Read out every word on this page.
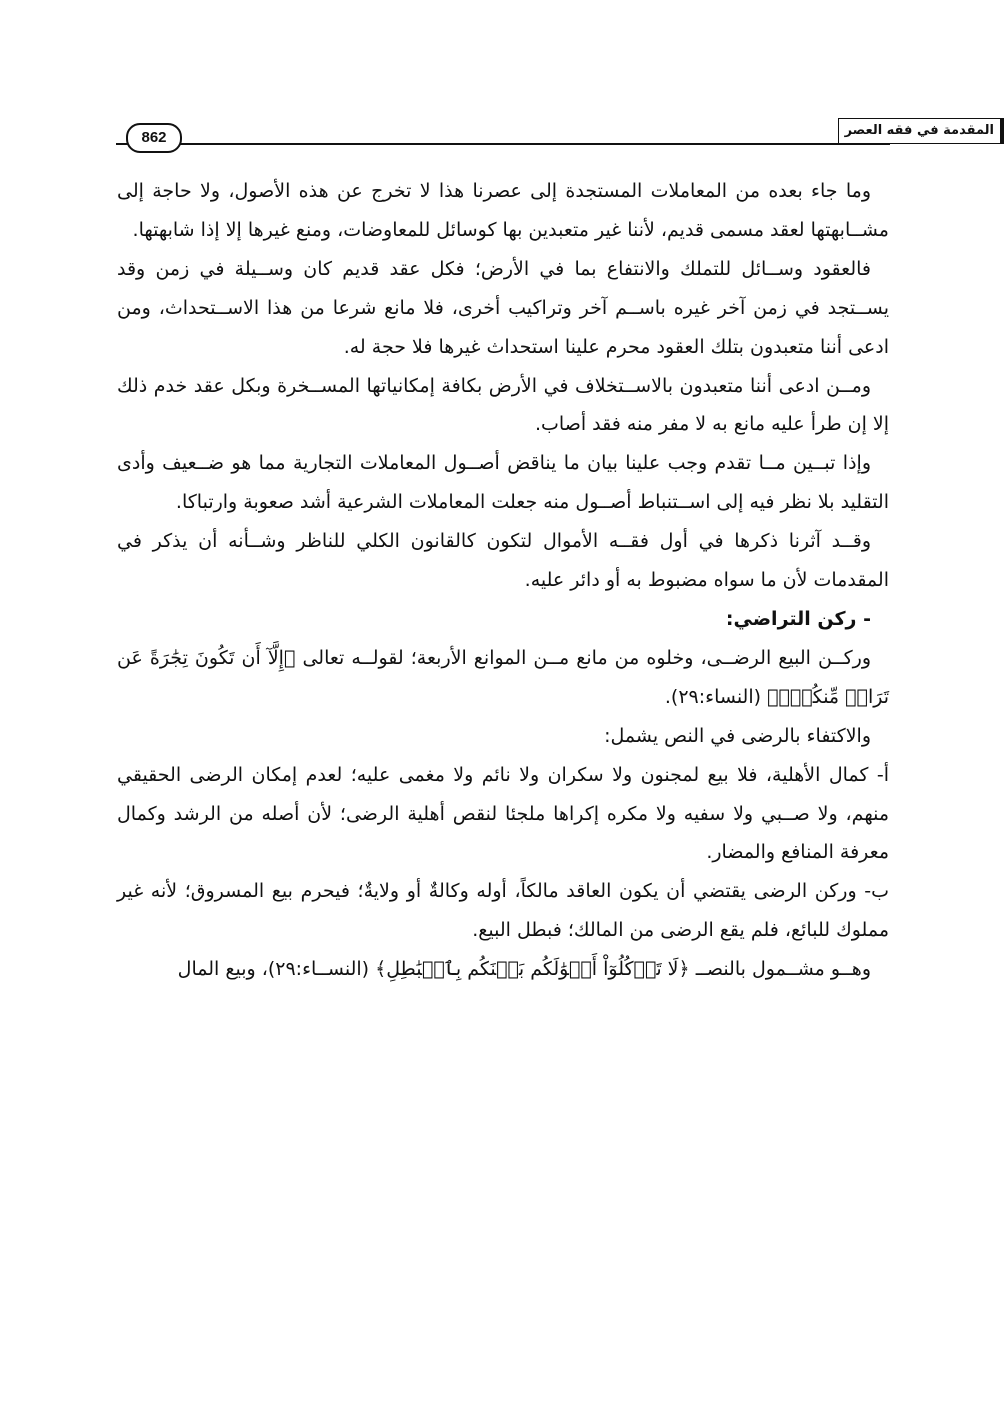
المقدمة في فقه العصر
862

وما جاء بعده من المعاملات المستجدة إلى عصرنا هذا لا تخرج عن هذه الأصول، ولا حاجة إلى مشــابهتها لعقد مسمى قديم، لأننا غير متعبدين بها كوسائل للمعاوضات، ومنع غيرها إلا إذا شابهتها.

فالعقود وســائل للتملك والانتفاع بما في الأرض؛ فكل عقد قديم كان وســيلة في زمن وقد يســتجد في زمن آخر غيره باســم آخر وتراكيب أخرى، فلا مانع شرعا من هذا الاســتحداث، ومن ادعى أننا متعبدون بتلك العقود محرم علينا استحداث غيرها فلا حجة له.

ومــن ادعى أننا متعبدون بالاســتخلاف في الأرض بكافة إمكانياتها المســخرة وبكل عقد خدم ذلك إلا إن طرأ عليه مانع به لا مفر منه فقد أصاب.

وإذا تبــين مــا تقدم وجب علينا بيان ما يناقض أصــول المعاملات التجارية مما هو ضــعيف وأدى التقليد بلا نظر فيه إلى اســتنباط أصــول منه جعلت المعاملات الشرعية أشد صعوبة وارتباكا.

وقــد آثرنا ذكرها في أول فقــه الأموال لتكون كالقانون الكلي للناظر وشــأنه أن يذكر في المقدمات لأن ما سواه مضبوط به أو دائر عليه.

- ركن التراضي:

وركــن البيع الرضــى، وخلوه من مانع مــن الموانع الأربعة؛ لقولــه تعالى ﴿إِلَّآ أَن تَكُونَ تِجَٰرَةً عَن تَرَاضٖ مِّنكُمۡۚ﴾ (النساء:٢٩).

والاكتفاء بالرضى في النص يشمل:

أ- كمال الأهلية، فلا بيع لمجنون ولا سكران ولا نائم ولا مغمى عليه؛ لعدم إمكان الرضى الحقيقي منهم، ولا صــبي ولا سفيه ولا مكره إكراها ملجئا لنقص أهلية الرضى؛ لأن أصله من الرشد وكمال معرفة المنافع والمضار.

ب- وركن الرضى يقتضي أن يكون العاقد مالكاً، أوله وكالةٌ أو ولايةٌ؛ فيحرم بيع المسروق؛ لأنه غير مملوك للبائع، فلم يقع الرضى من المالك؛ فبطل البيع.

وهــو مشــمول بالنصــ ﴿لَا تَأۡكُلُوٓاْ أَمۡوَٰلَكُم بَيۡنَكُم بِٱلۡبَٰطِلِ﴾ (النســاء:٢٩)، وبيع المال
